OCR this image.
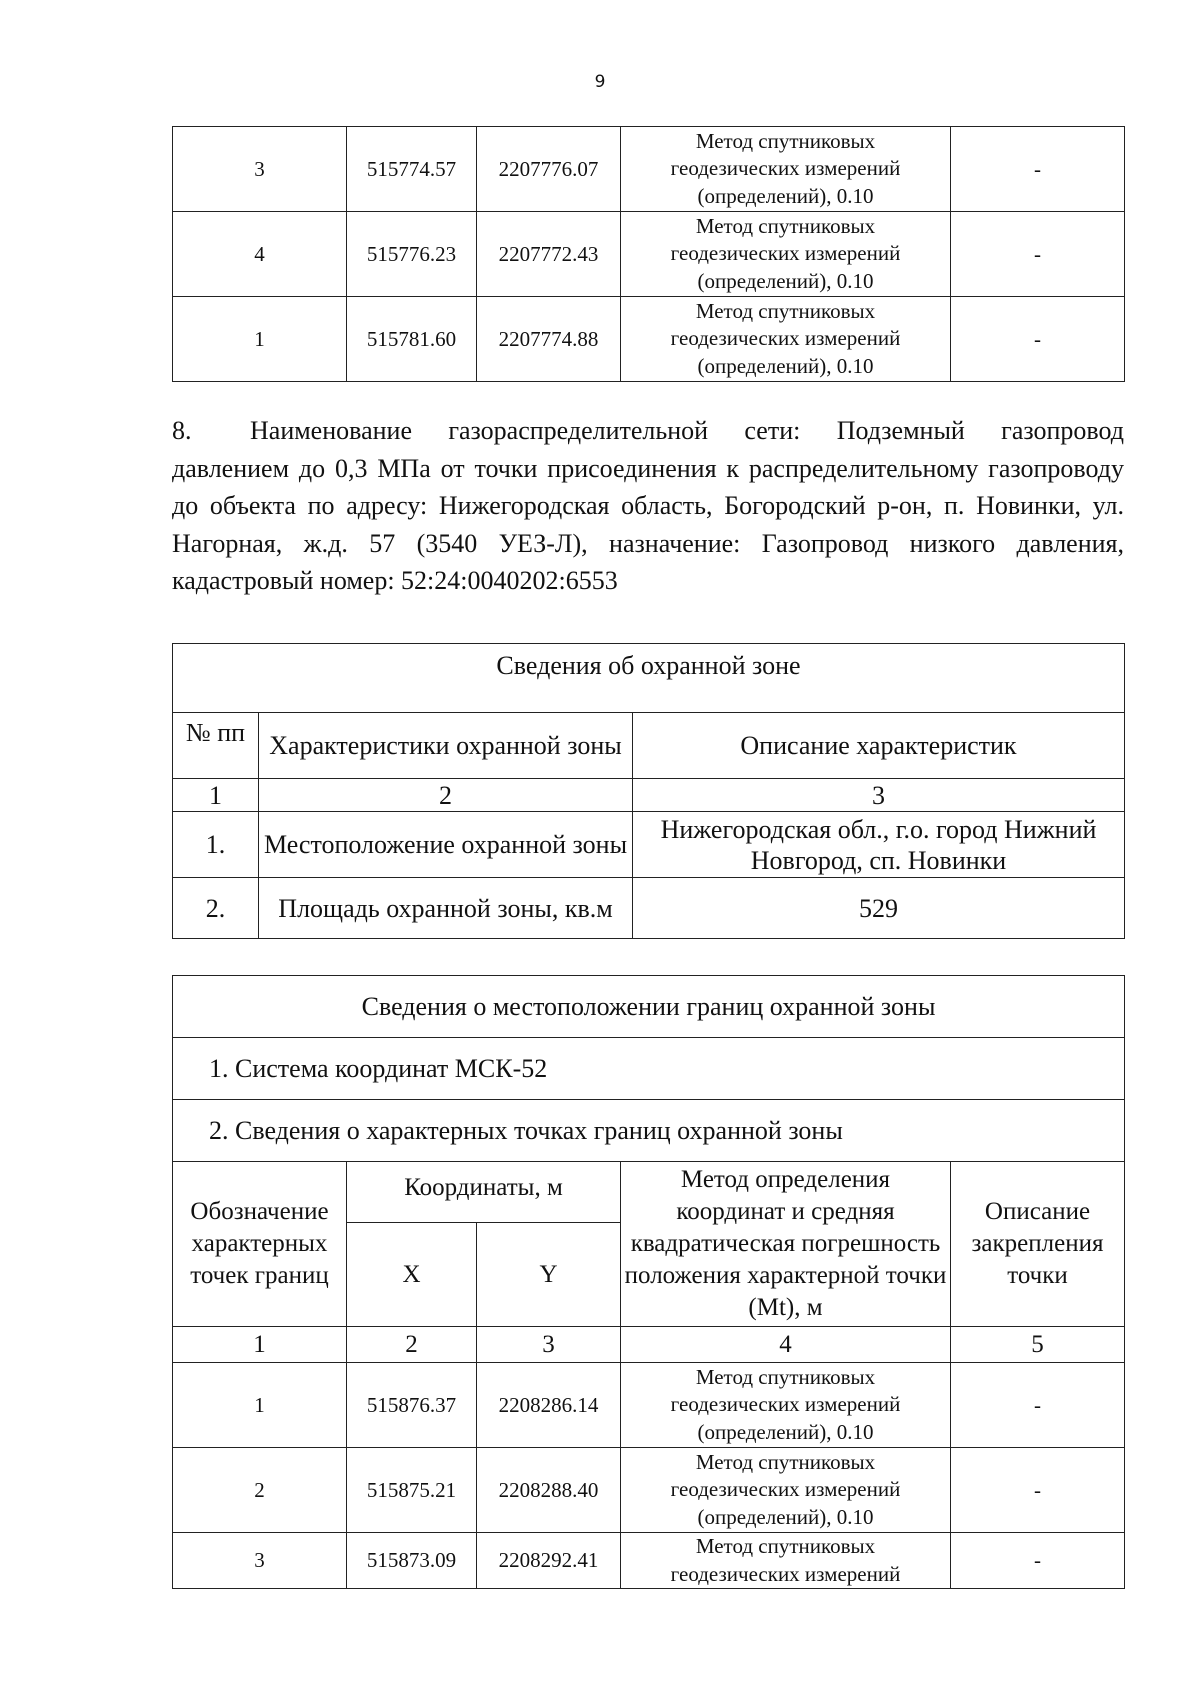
9
3	515774.57	2207776.07	Метод спутниковых
геодезических измерений
(определений), 0.10	-
4	515776.23	2207772.43	Метод спутниковых
геодезических измерений
(определений), 0.10	-
1	515781.60	2207774.88	Метод спутниковых
геодезических измерений
(определений), 0.10	-
8. Наименование газораспределительной сети: Подземный газопровод давлением до 0,3 МПа от точки присоединения к распределительному газопроводу до объекта по адресу: Нижегородская область, Богородский р-он, п. Новинки, ул. Нагорная, ж.д. 57 (3540 УЕЗ-Л), назначение: Газопровод низкого давления, кадастровый номер: 52:24:0040202:6553
Сведения об охранной зоне		
№ пп	Характеристики охранной зоны	Описание характеристик
1	2	3
1.	Местоположение охранной зоны	Нижегородская обл., г.о. город Нижний Новгород, сп. Новинки
2.	Площадь охранной зоны, кв.м	529
Сведения о местоположении границ охранной зоны				
1. Система координат МСК-52				
2. Сведения о характерных точках границ охранной зоны				
Обозначение характерных точек границ	Координаты, м		Метод определения координат и средняя квадратическая погрешность положения характерной точки (Mt), м	Описание закрепления точки
	X	Y		
1	2	3	4	5
1	515876.37	2208286.14	Метод спутниковых
геодезических измерений
(определений), 0.10	-
2	515875.21	2208288.40	Метод спутниковых
геодезических измерений
(определений), 0.10	-
3	515873.09	2208292.41	Метод спутниковых
геодезических измерений	-
